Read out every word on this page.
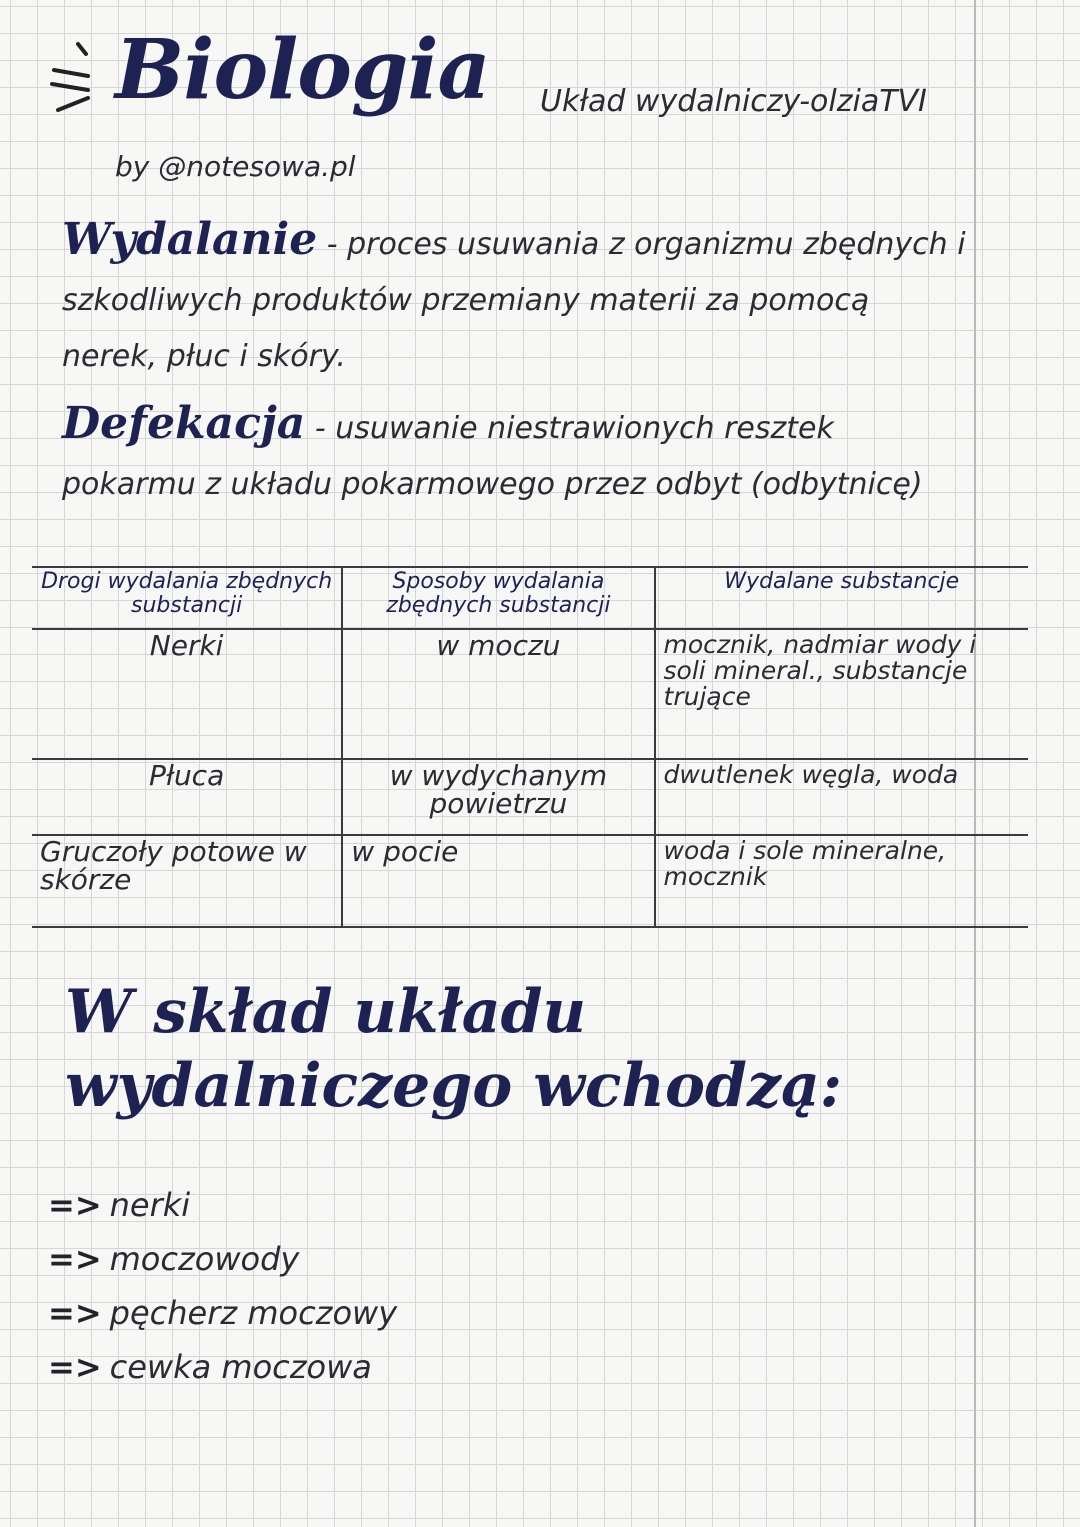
Biologia Układ wydalniczy-olziaTVI
by @notesowa.pl
Wydalanie - proces usuwania z organizmu zbędnych i szkodliwych produktów przemiany materii za pomocą nerek, płuc i skóry.
Defekacja - usuwanie niestrawionych resztek pokarmu z układu pokarmowego przez odbyt (odbytnicę)
Drogi wydalania zbędnych substancji	Sposoby wydalania zbędnych substancji	Wydalane substancje
Nerki	w moczu	mocznik, nadmiar wody i soli mineral., substancje trujące
Płuca	w wydychanym powietrzu	dwutlenek węgla, woda
Gruczoły potowe w skórze	w pocie	woda i sole mineralne, mocznik
W skład układu wydalniczego wchodzą:
=> nerki
=> moczowody
=> pęcherz moczowy
=> cewka moczowa
